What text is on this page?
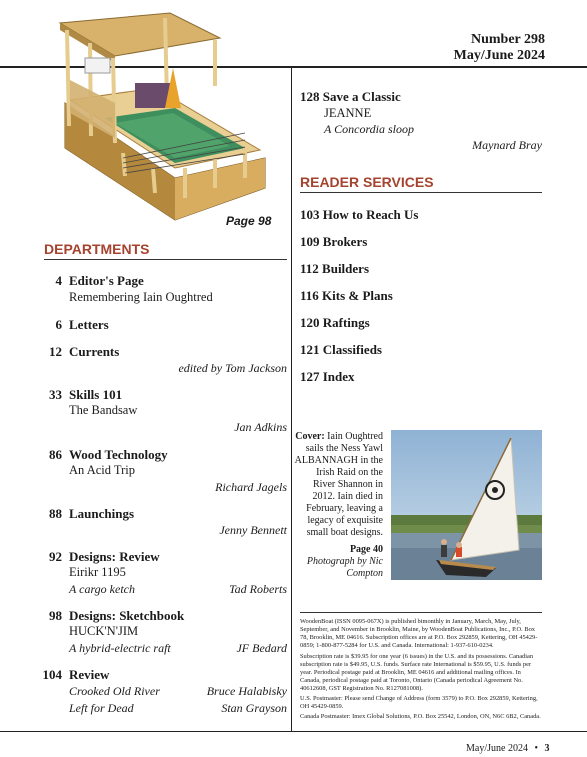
Number 298
May/June 2024
Page 98
DEPARTMENTS
4 Editor's Page
Remembering Iain Oughtred
6 Letters
12 Currents
edited by Tom Jackson
33 Skills 101
The Bandsaw
Jan Adkins
86 Wood Technology
An Acid Trip
Richard Jagels
88 Launchings
Jenny Bennett
92 Designs: Review
Eirikr 1195
A cargo ketch	Tad Roberts
98 Designs: Sketchbook
HUCK'N'JIM
A hybrid-electric raft	JF Bedard
104 Review
Crooked Old River	Bruce Halabisky
Left for Dead	Stan Grayson
128 Save a Classic
JEANNE
A Concordia sloop
Maynard Bray
READER SERVICES
103 How to Reach Us
109 Brokers
112 Builders
116 Kits & Plans
120 Raftings
121 Classifieds
127 Index
Cover: Iain Oughtred sails the Ness Yawl ALBANNAGH in the Irish Raid on the River Shannon in 2012. Iain died in February, leaving a legacy of exquisite small boat designs.
Page 40
Photograph by Nic Compton
WoodenBoat (ISSN 0095-067X) is published bimonthly in January, March, May, July, September, and November in Brooklin, Maine, by WoodenBoat Publications, Inc., P.O. Box 78, Brooklin, ME 04616. Subscription offices are at P.O. Box 292859, Kettering, OH 45429-0859; 1-800-877-5284 for U.S. and Canada. International: 1-937-610-0234.
Subscription rate is $39.95 for one year (6 issues) in the U.S. and its possessions. Canadian subscription rate is $49.95, U.S. funds. Surface rate International is $59.95, U.S. funds per year. Periodical postage paid at Brooklin, ME 04616 and additional mailing offices. In Canada, periodical postage paid at Toronto, Ontario (Canada periodical Agreement No. 40612608, GST Registration No. R127081008).
U.S. Postmaster: Please send Change of Address (form 3579) to P.O. Box 292859, Kettering, OH 45429-0859.
Canada Postmaster: Imex Global Solutions, P.O. Box 25542, London, ON, N6C 6B2, Canada.
May/June 2024 • 3
